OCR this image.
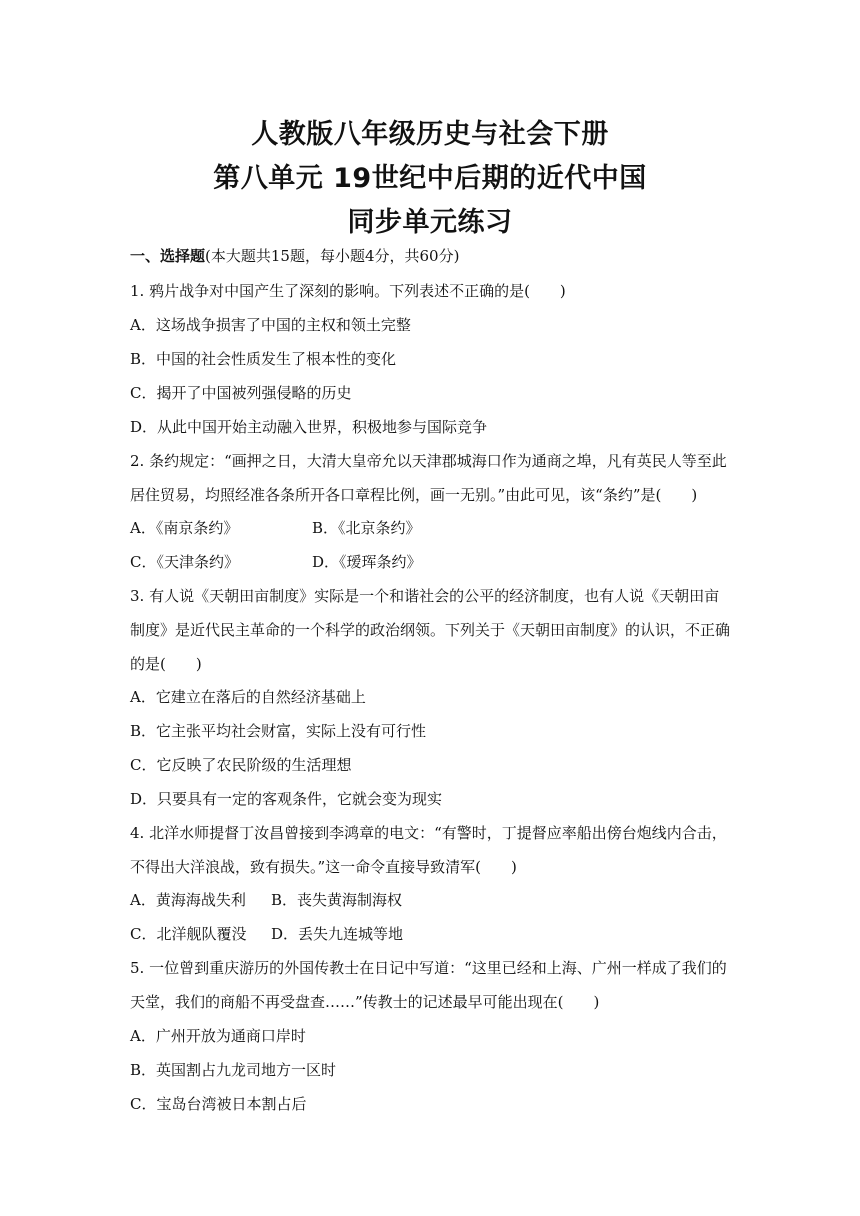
人教版八年级历史与社会下册
第八单元 19世纪中后期的近代中国
同步单元练习
一、选择题(本大题共15题，每小题4分，共60分)
1. 鸦片战争对中国产生了深刻的影响。下列表述不正确的是(　　)
A．这场战争损害了中国的主权和领土完整
B．中国的社会性质发生了根本性的变化
C．揭开了中国被列强侵略的历史
D．从此中国开始主动融入世界，积极地参与国际竞争
2. 条约规定：“画押之日，大清大皇帝允以天津郡城海口作为通商之埠，凡有英民人等至此
居住贸易，均照经准各条所开各口章程比例，画一无别。”由此可见，该“条约”是(　　)
A．《南京条约》	B．《北京条约》
C．《天津条约》	D．《瑷珲条约》
3. 有人说《天朝田亩制度》实际是一个和谐社会的公平的经济制度，也有人说《天朝田亩
制度》是近代民主革命的一个科学的政治纲领。下列关于《天朝田亩制度》的认识，不正确
的是(　　)
A．它建立在落后的自然经济基础上
B．它主张平均社会财富，实际上没有可行性
C．它反映了农民阶级的生活理想
D．只要具有一定的客观条件，它就会变为现实
4. 北洋水师提督丁汝昌曾接到李鸿章的电文：“有警时，丁提督应率船出傍台炮线内合击，
不得出大洋浪战，致有损失。”这一命令直接导致清军(　　)
A．黄海海战失利 B．丧失黄海制海权
C．北洋舰队覆没 D．丢失九连城等地
5. 一位曾到重庆游历的外国传教士在日记中写道：“这里已经和上海、广州一样成了我们的
天堂，我们的商船不再受盘查……”传教士的记述最早可能出现在(　　)
A．广州开放为通商口岸时
B．英国割占九龙司地方一区时
C．宝岛台湾被日本割占后
